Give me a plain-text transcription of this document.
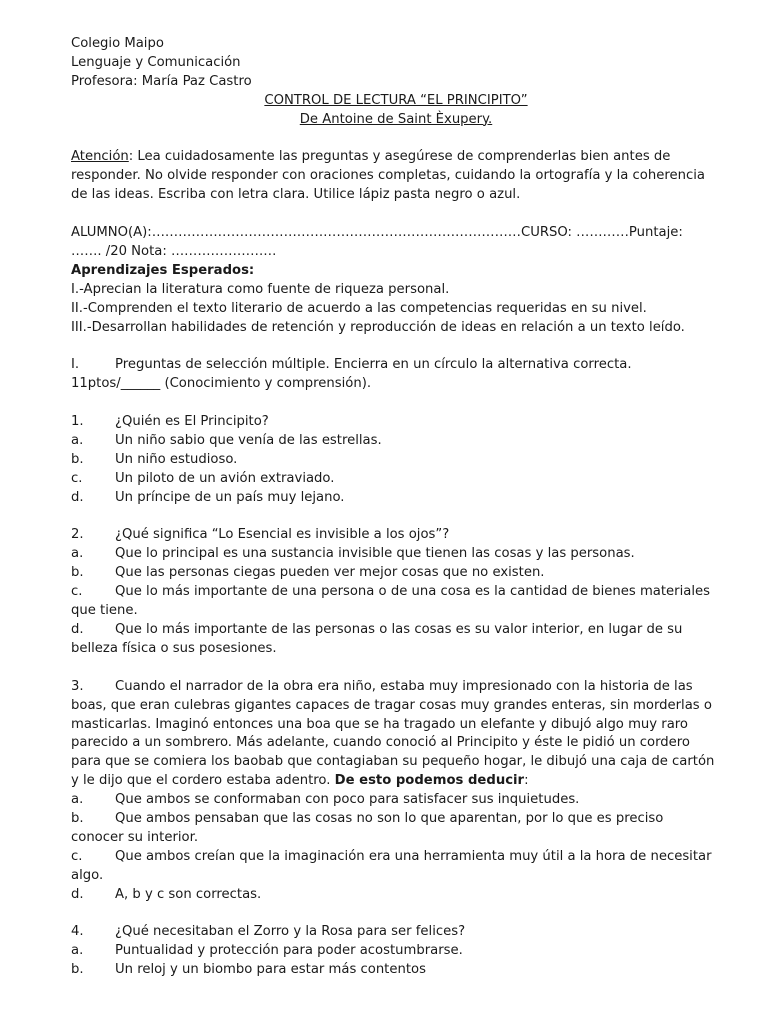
Colegio Maipo
Lenguaje y Comunicación
Profesora: María Paz Castro
CONTROL DE LECTURA “EL PRINCIPITO”
De Antoine de Saint Èxupery.

Atención: Lea cuidadosamente las preguntas y asegúrese de comprenderlas bien antes de responder. No olvide responder con oraciones completas, cuidando la ortografía y la coherencia de las ideas. Escriba con letra clara. Utilice lápiz pasta negro o azul.

ALUMNO(A):…………………………………………………………………………CURSO: …………Puntaje:
……. /20 Nota: ……………………
Aprendizajes Esperados:
I.-Aprecian la literatura como fuente de riqueza personal.
II.-Comprenden el texto literario de acuerdo a las competencias requeridas en su nivel.
III.-Desarrollan habilidades de retención y reproducción de ideas en relación a un texto leído.
I.	Preguntas de selección múltiple. Encierra en un círculo la alternativa correcta.
11ptos/______ (Conocimiento y comprensión).
1. ¿Quién es El Principito?
a. Un niño sabio que venía de las estrellas.
b. Un niño estudioso.
c. Un piloto de un avión extraviado.
d. Un príncipe de un país muy lejano.
2. ¿Qué significa “Lo Esencial es invisible a los ojos”?
a. Que lo principal es una sustancia invisible que tienen las cosas y las personas.
b. Que las personas ciegas pueden ver mejor cosas que no existen.

c. Que lo más importante de una persona o de una cosa es la cantidad de bienes materiales que tiene.

d. Que lo más importante de las personas o las cosas es su valor interior, en lugar de su belleza física o sus posesiones.

3. Cuando el narrador de la obra era niño, estaba muy impresionado con la historia de las boas, que eran culebras gigantes capaces de tragar cosas muy grandes enteras, sin morderlas o masticarlas. Imaginó entonces una boa que se ha tragado un elefante y dibujó algo muy raro parecido a un sombrero. Más adelante, cuando conoció al Principito y éste le pidió un cordero para que se comiera los baobab que contagiaban su pequeño hogar, le dibujó una caja de cartón y le dijo que el cordero estaba adentro. De esto podemos deducir:

a. Que ambos se conformaban con poco para satisfacer sus inquietudes.
b. Que ambos pensaban que las cosas no son lo que aparentan, por lo que es preciso
conocer su interior.

c. Que ambos creían que la imaginación era una herramienta muy útil a la hora de necesitar algo.

d. A, b y c son correctas.
4. ¿Qué necesitaban el Zorro y la Rosa para ser felices?
a. Puntualidad y protección para poder acostumbrarse.
b. Un reloj y un biombo para estar más contentos
